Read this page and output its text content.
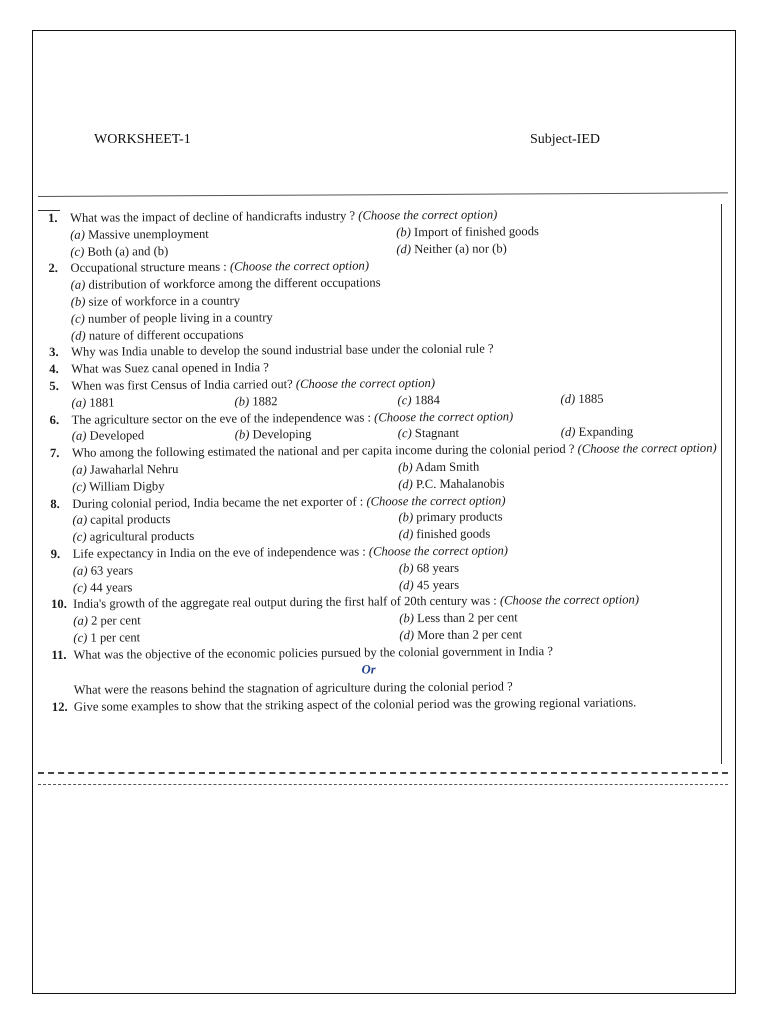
WORKSHEET-1	Subject-IED
1. What was the impact of decline of handicrafts industry ? (Choose the correct option)
(a) Massive unemployment	(b) Import of finished goods
(c) Both (a) and (b)	(d) Neither (a) nor (b)
2. Occupational structure means : (Choose the correct option)
(a) distribution of workforce among the different occupations
(b) size of workforce in a country
(c) number of people living in a country
(d) nature of different occupations
3. Why was India unable to develop the sound industrial base under the colonial rule ?
4. What was Suez canal opened in India ?
5. When was first Census of India carried out? (Choose the correct option)
(a) 1881	(b) 1882	(c) 1884	(d) 1885
6. The agriculture sector on the eve of the independence was : (Choose the correct option)
(a) Developed	(b) Developing	(c) Stagnant	(d) Expanding
7. Who among the following estimated the national and per capita income during the colonial period ? (Choose the correct option)
(a) Jawaharlal Nehru	(b) Adam Smith
(c) William Digby	(d) P.C. Mahalanobis
8. During colonial period, India became the net exporter of : (Choose the correct option)
(a) capital products	(b) primary products
(c) agricultural products	(d) finished goods
9. Life expectancy in India on the eve of independence was : (Choose the correct option)
(a) 63 years	(b) 68 years
(c) 44 years	(d) 45 years
10. India's growth of the aggregate real output during the first half of 20th century was : (Choose the correct option)
(a) 2 per cent	(b) Less than 2 per cent
(c) 1 per cent	(d) More than 2 per cent
11. What was the objective of the economic policies pursued by the colonial government in India ?
Or
What were the reasons behind the stagnation of agriculture during the colonial period ?
12. Give some examples to show that the striking aspect of the colonial period was the growing regional variations.
